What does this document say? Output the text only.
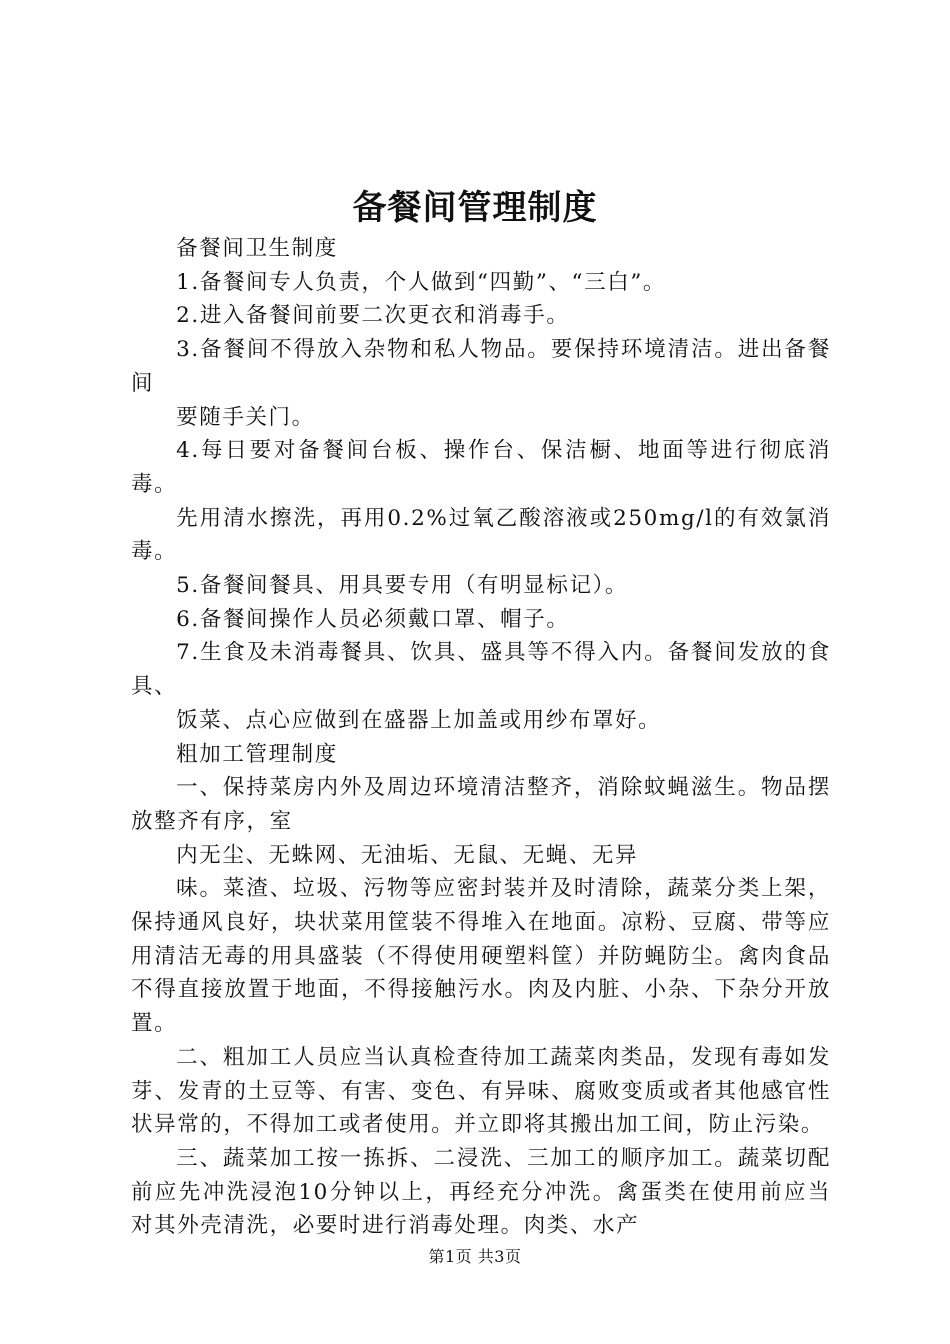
备餐间管理制度

备餐间卫生制度

1.备餐间专人负责，个人做到“四勤”、“三白”。

2.进入备餐间前要二次更衣和消毒手。

3.备餐间不得放入杂物和私人物品。要保持环境清洁。进出备餐间

要随手关门。

4.每日要对备餐间台板、操作台、保洁橱、地面等进行彻底消毒。

先用清水擦洗，再用0.2%过氧乙酸溶液或250mg/l的有效氯消毒。

5.备餐间餐具、用具要专用（有明显标记）。

6.备餐间操作人员必须戴口罩、帽子。

7.生食及未消毒餐具、饮具、盛具等不得入内。备餐间发放的食具、

饭菜、点心应做到在盛器上加盖或用纱布罩好。

粗加工管理制度

一、保持菜房内外及周边环境清洁整齐，消除蚊蝇滋生。物品摆放整齐有序，室

内无尘、无蛛网、无油垢、无鼠、无蝇、无异

味。菜渣、垃圾、污物等应密封装并及时清除，蔬菜分类上架，保持通风良好，块状菜用筐装不得堆入在地面。凉粉、豆腐、带等应用清洁无毒的用具盛装（不得使用硬塑料筐）并防蝇防尘。禽肉食品不得直接放置于地面，不得接触污水。肉及内脏、小杂、下杂分开放置。

二、粗加工人员应当认真检查待加工蔬菜肉类品，发现有毒如发芽、发青的土豆等、有害、变色、有异味、腐败变质或者其他感官性状异常的，不得加工或者使用。并立即将其搬出加工间，防止污染。

三、蔬菜加工按一拣拆、二浸洗、三加工的顺序加工。蔬菜切配前应先冲洗浸泡10分钟以上，再经充分冲洗。禽蛋类在使用前应当对其外壳清洗，必要时进行消毒处理。肉类、水产

第1页 共3页
